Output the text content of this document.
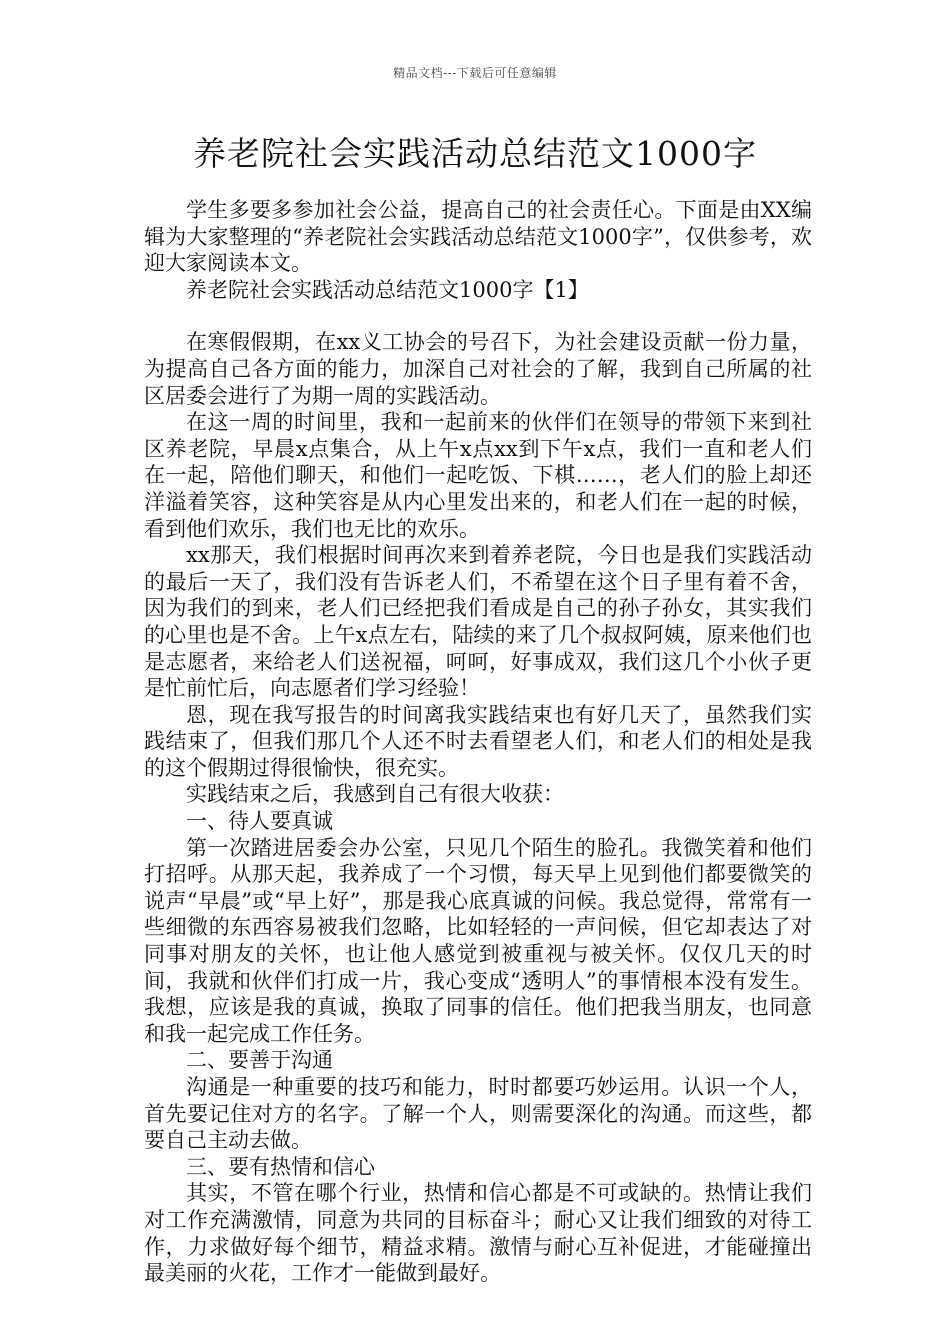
精品文档---下载后可任意编辑
养老院社会实践活动总结范文1000字

学生多要多参加社会公益，提高自己的社会责任心。下面是由XX编辑为大家整理的“养老院社会实践活动总结范文1000字”，仅供参考，欢迎大家阅读本文。

养老院社会实践活动总结范文1000字【1】

在寒假假期，在xx义工协会的号召下，为社会建设贡献一份力量，为提高自己各方面的能力，加深自己对社会的了解，我到自己所属的社区居委会进行了为期一周的实践活动。

在这一周的时间里，我和一起前来的伙伴们在领导的带领下来到社区养老院，早晨x点集合，从上午x点xx到下午x点，我们一直和老人们在一起，陪他们聊天，和他们一起吃饭、下棋……，老人们的脸上却还洋溢着笑容，这种笑容是从内心里发出来的，和老人们在一起的时候，看到他们欢乐，我们也无比的欢乐。

xx那天，我们根据时间再次来到着养老院，今日也是我们实践活动的最后一天了，我们没有告诉老人们，不希望在这个日子里有着不舍，因为我们的到来，老人们已经把我们看成是自己的孙子孙女，其实我们的心里也是不舍。上午x点左右，陆续的来了几个叔叔阿姨，原来他们也是志愿者，来给老人们送祝福，呵呵，好事成双，我们这几个小伙子更是忙前忙后，向志愿者们学习经验！

恩，现在我写报告的时间离我实践结束也有好几天了，虽然我们实践结束了，但我们那几个人还不时去看望老人们，和老人们的相处是我的这个假期过得很愉快，很充实。

实践结束之后，我感到自己有很大收获：

一、待人要真诚

第一次踏进居委会办公室，只见几个陌生的脸孔。我微笑着和他们打招呼。从那天起，我养成了一个习惯，每天早上见到他们都要微笑的说声“早晨”或“早上好”，那是我心底真诚的问候。我总觉得，常常有一些细微的东西容易被我们忽略，比如轻轻的一声问候，但它却表达了对同事对朋友的关怀，也让他人感觉到被重视与被关怀。仅仅几天的时间，我就和伙伴们打成一片，我心变成“透明人”的事情根本没有发生。我想，应该是我的真诚，换取了同事的信任。他们把我当朋友，也同意和我一起完成工作任务。

二、要善于沟通

沟通是一种重要的技巧和能力，时时都要巧妙运用。认识一个人，首先要记住对方的名字。了解一个人，则需要深化的沟通。而这些，都要自己主动去做。

三、要有热情和信心

其实，不管在哪个行业，热情和信心都是不可或缺的。热情让我们对工作充满激情，同意为共同的目标奋斗；耐心又让我们细致的对待工作，力求做好每个细节，精益求精。激情与耐心互补促进，才能碰撞出最美丽的火花，工作才一能做到最好。
